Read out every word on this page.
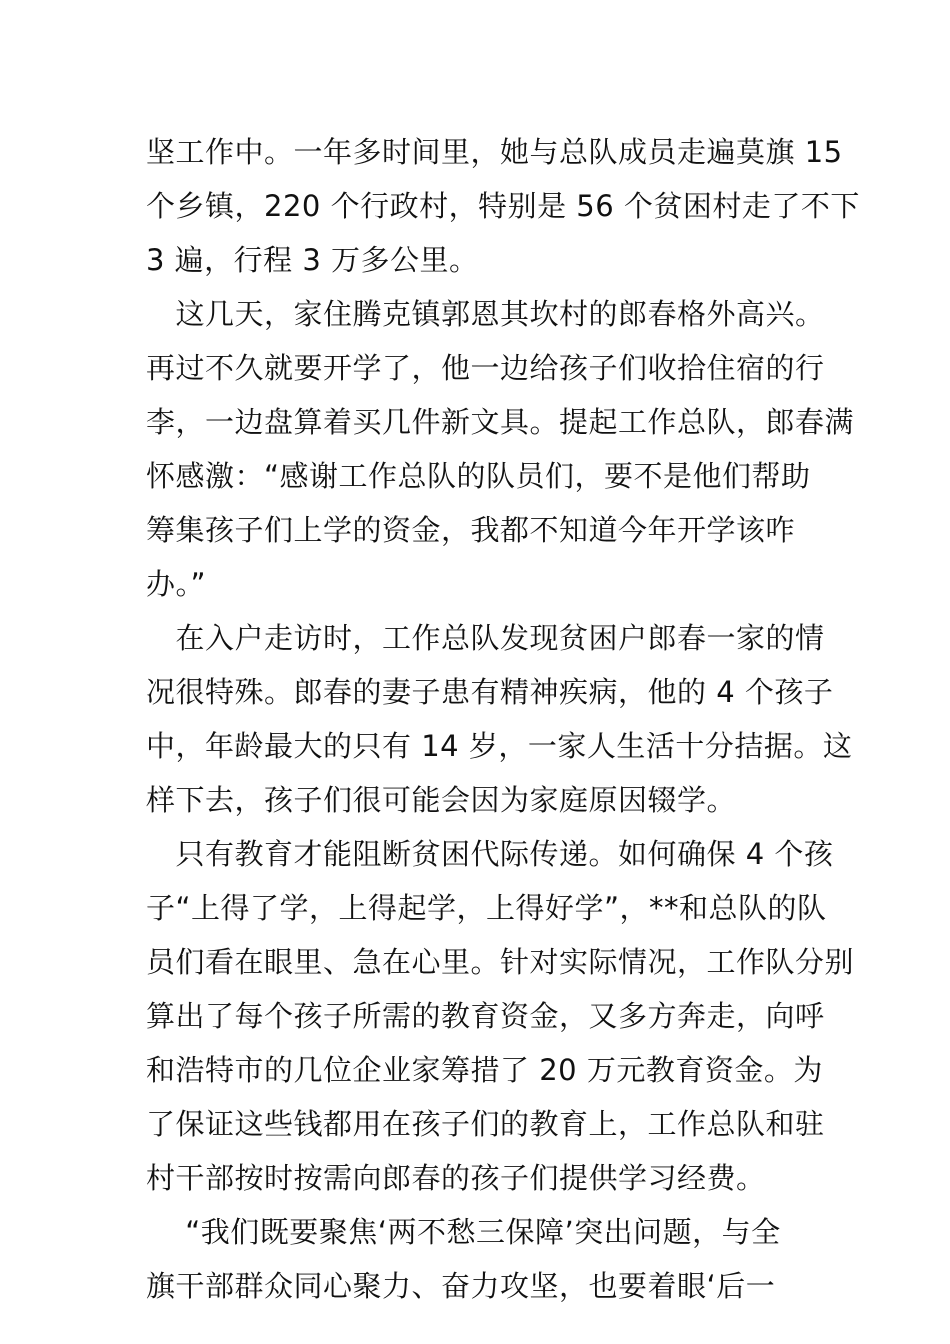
坚工作中。一年多时间里，她与总队成员走遍莫旗 15
个乡镇，220 个行政村，特别是 56 个贫困村走了不下
3 遍，行程 3 万多公里。
　这几天，家住腾克镇郭恩其坎村的郎春格外高兴。
再过不久就要开学了，他一边给孩子们收拾住宿的行
李，一边盘算着买几件新文具。提起工作总队，郎春满
怀感激：“感谢工作总队的队员们，要不是他们帮助
筹集孩子们上学的资金，我都不知道今年开学该咋
办。”
　在入户走访时，工作总队发现贫困户郎春一家的情
况很特殊。郎春的妻子患有精神疾病，他的 4 个孩子
中，年龄最大的只有 14 岁，一家人生活十分拮据。这
样下去，孩子们很可能会因为家庭原因辍学。
　只有教育才能阻断贫困代际传递。如何确保 4 个孩
子“上得了学，上得起学，上得好学”，**和总队的队
员们看在眼里、急在心里。针对实际情况，工作队分别
算出了每个孩子所需的教育资金，又多方奔走，向呼
和浩特市的几位企业家筹措了 20 万元教育资金。为
了保证这些钱都用在孩子们的教育上，工作总队和驻
村干部按时按需向郎春的孩子们提供学习经费。
　 “我们既要聚焦‘两不愁三保障’突出问题，与全
旗干部群众同心聚力、奋力攻坚，也要着眼‘后一
